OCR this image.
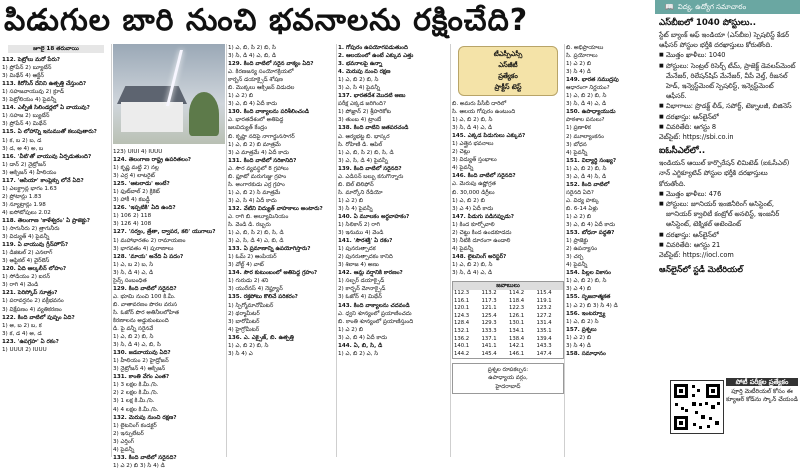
పిడుగుల బారి నుంచి భవనాలను రక్షించేది?
జూలై 18 తరువాయి

112. పెట్రోలు మరో పేరు?

1) ప్రోపేన్ 2) బ్యూటేన్

3) మిథేన్ 4) ఆక్టేన్

113. కిరోసిన్ దేనిని ఉత్పత్తి చేస్తుంది?

1) సహజవాయువు 2) క్రూడ్

3) పెట్రోలియం 4) పైవన్నీ

114. ఎల్పీజీ సిలిండర్లలో ఏ వాయువు?

1) సహజ 2) బ్యుటేన్

3) ప్రోపేన్ 4) మిథేన్

115. ఏ లోహాన్ని ఇనుముతో కలుపుతారు?

1) క, బ 2) బ, డ

3) డ, అ 4) అ, బ

116. 'వీటి'తో వాయువు ఏర్పడుతుంది?

1) డాన్ 2) నైట్రోజన్

3) ఆక్సిజన్ 4) హీలియం

117. 'ఆసియా' కాంప్లెక్సు లోనే ఏది?

1) ఎలక్ట్రాన్ల భాగం 1.63

2) ప్రోటాన్లు 1.83

3) న్యూట్రాన్లు 1.98

4) ఐసోటోపులు 2.02

118. తెలంగాణ 'కాళేశ్వరం' ఏ ప్రాజెక్టు?

1) సాగునీరు 2) త్రాగునీరు

3) విద్యుత్ 4) పైవన్నీ

119. ఏ వాయువు గ్రీన్‌హౌస్?

1) డిజిటల్ 2) ఎనలాగ్

3) ఆప్టికల్ 4) వైర్‌లెస్

120. ఏది ఆల్కలీన్ లోహం?

1) సోడియం 2) ఐరన్

3) రాగి 4) వెండి

121. పెరిస్కోప్ సూత్రం?

1) పరావర్తనం 2) వక్రీభవనం

3) విక్షేపణం 4) వ్యతికరణం

122. కింది వాటిలో పుష్పం ఏది?

1) అ, బ 2) బ, క

3) క, డ 4) అ, డ

123. 'ఉపగ్రహ' ఏ రకం?

1) UUUI 2) IUUU

123) UIUI 4) IUUU

124. తెలంగాణ రాష్ట్ర ఉపరితలం?

1) కృష్ణ మట్టి 2) నల్ల

3) ఎర్ర 4) లాటరైట్

125. 'ఆటలాడు' అంటే?

1) ఫుట్‌బాల్ 2) క్రికెట్

3) హాకీ 4) కబడ్డీ

126. 'ఇప్పటికి' ఏది ఉంది?

1) 106 2) 118

3) 126 4) 108

127. 'సర్వం, త్రేతా, ద్వాపర, కలి' యుగాలు?

1) మహాభారతం 2) రామాయణం

3) భాగవతం 4) పురాణాలు

128. 'మాయ' అనేది ఏ పదం?

1) ఎ, బ 2) బ, సి

3) సి, డి 4) ఎ, డి

సైన్స్ సంబంధిత

129. కింది వాటిలో సరైనది?

ఎ. భూమి నుంచి 100 కి.మీ.

బి. వాతావరణం పొరల వరుస

సి. ఓజోన్ పొర అతినీలలోహిత

కిరణాలను అడ్డుకుంటుంది

డి. పై వన్నీ సరైనవే

1) ఎ, బి 2) బి, సి

3) సి, డి 4) ఎ, బి, సి

130. జడవాయువు ఏది?

1) హీలియం 2) హైడ్రోజన్

3) నైట్రోజన్ 4) ఆక్సిజన్

131. కాంతి వేగం ఎంత?

1) 3 లక్షల కి.మీ./సె.

2) 2 లక్షల కి.మీ./సె.

3) 1 లక్ష కి.మీ./సె.

4) 4 లక్షల కి.మీ./సె.

132. మెరుపు నుంచి రక్షణ?

1) లైటనింగ్ కండక్టర్

2) ఇన్సులేటర్

3) ఎర్తింగ్

4) పైవన్నీ

133. కింది వాటిలో సరైనది?

1) ఎ 2) బి 3) సి 4) డి

1) ఎ, బి, సి 2) బి, సి

3) సి, డి 4) ఎ, బి, డి

129. కింది వాటిలో సరైన వాక్యం ఏది?

ఎ. కిరణజన్య సంయోగక్రియలో

కార్బన్ డయాక్సైడ్ శోషణ

బి. మొక్కలు ఆక్సిజన్ విడుదల

1) ఎ 2) బి

3) ఎ, బి 4) ఏదీ కాదు

130. కింది వాక్యాలను పరిశీలించండి

ఎ. భారతదేశంలో అతిపెద్ద

జలవిద్యుత్ కేంద్రం

బి. కృష్ణా నదిపై నాగార్జునసాగర్

1) ఎ, బి 2) బి మాత్రమే

3) ఎ మాత్రమే 4) ఏదీ కాదు

131. కింది వాటిలో సరికానిది?

ఎ. సౌర వ్యవస్థలో 8 గ్రహాలు

బి. ప్లూటో మరుగుజ్జు గ్రహం

సి. అంగారకుడు ఎర్ర గ్రహం

1) ఎ, బి 2) సి మాత్రమే

3) ఎ, సి 4) ఏదీ కాదు

132. వేటిని విద్యుత్ వాహకాలు అంటారు?

ఎ. రాగి బి. అల్యూమినియం

సి. వెండి డి. రబ్బరు

1) ఎ, బి, సి 2) బి, సి, డి

3) ఎ, సి, డి 4) ఎ, బి, డి

133. ఏ ప్రమాణాన్ని ఉపయోగిస్తారు?

1) ఓమ్ 2) ఆంపియర్

3) వోల్ట్ 4) వాట్

134. సౌర కుటుంబంలో అతిపెద్ద గ్రహం?

1) గురుడు 2) శని

3) యురేనస్ 4) నెప్ట్యూన్

135. రక్తపోటు కొలిచే పరికరం?

1) స్పిగ్మోమానోమీటర్

2) థర్మామీటర్

3) బారోమీటర్

4) హైగ్రోమీటర్

136. ఎ. ఎక్సైజ్, బి. ఉత్పత్తి

1) ఎ, బి 2) బి, సి

3) సి 4) ఎ

1. గోపురం ఉపయోగపడుతుంది

2. ఆలయంలో ఉంటే ఎక్కువ ఎత్తు

3. భవనాలపై ఉన్నా

4. మెరుపు నుంచి రక్షణ

1) ఎ, బి 2) బి, సి

3) ఎ, సి 4) పైవన్నీ

137. భారతదేశ మొదటి అణు

పరీక్ష ఎక్కడ జరిగింది?

1) పోఖ్రాన్ 2) శ్రీహరికోట

3) తుంబ 4) ట్రాంబే

138. కింది వాటిని జతపరచండి

ఎ. ఆర్యభట్ట బి. భాస్కర

సి. రోహిణి డి. ఆపిల్

1) ఎ, బి, సి 2) బి, సి, డి

3) ఎ, సి, డి 4) పైవన్నీ

139. కింది వాటిలో సరైనది?

ఎ. ఎడిసన్ బల్బు కనుగొన్నారు

బి. బెల్ టెలిఫోన్

సి. మార్కోని రేడియో

1) ఎ 2) బి

3) సి 4) పైవన్నీ

140. ఏ మూలకం అర్ధవాహకం?

1) సిలికాన్ 2) రాగి

3) ఇనుము 4) వెండి

141. 'సౌరశక్తి' ఏ రకం?

1) పునరుత్పాదక

2) పునరుత్పాదకం కానిది

3) శిలాజ 4) అణు

142. ఆమ్ల వర్షానికి కారణం?

1) సల్ఫర్ డయాక్సైడ్

2) కార్బన్ మోనాక్సైడ్

3) ఓజోన్ 4) మిథేన్

143. కింది వాక్యాలను చదవండి

ఎ. ధ్వని శూన్యంలో ప్రయాణించదు

బి. కాంతి శూన్యంలో ప్రయాణిస్తుంది

1) ఎ 2) బి

3) ఎ, బి 4) ఏదీ కాదు

144. ఏ, బి, సి, డి

1) ఎ, బి 2) ఎ, సి

టీఎస్పీఎస్సీ
ఎస్‌జీటీ
ప్రత్యేకం
ప్రాక్టీస్ టెస్ట్

బి. అమరు పీసీబీ దారిలో

సి. ఆలయ గోపురం ఉంటుంది

1) ఎ, బి 2) బి, సి

3) సి, డి 4) ఎ, డి

145. ఎక్కడ పిడుగులు ఎక్కువ?

1) ఎత్తైన భవనాలు

2) చెట్లు

3) విద్యుత్ స్తంభాలు

4) పైవన్నీ

146. కింది వాటిలో సరైనది?

ఎ. మెరుపు ఉష్ణోగ్రత

బి. 30,000 డిగ్రీలు

1) ఎ, బి 2) బి

3) ఎ 4) ఏదీ కాదు

147. పిడుగు పడినప్పుడు?

1) కింద కూర్చోవాలి

2) చెట్టు కింద ఉండకూడదు

3) నీటికి దూరంగా ఉండాలి

4) పైవన్నీ

148. లైటనింగ్ అరెస్టర్?

1) ఎ, బి 2) బి, సి

3) సి, డి 4) ఎ, డి

జవాబులు
112.3	113.2	114.2	115.4
116.1	117.3	118.4	119.1
120.1	121.1	122.3	123.2
124.3	125.4	126.1	127.2
128.4	129.3	130.1	131.4
132.1	133.3	134.1	135.1
136.2	137.1	138.4	139.4
140.1	141.1	142.1	143.3
144.2	145.4	146.1	147.4
ప్రశ్నల రూపకల్పన:
ఉపాధ్యాయ వర్గం,
హైదరాబాద్

బి. అభిప్రాయాలు

సి. ప్రయోగాలు

1) ఎ 2) బి

3) సి 4) డి

149. భారత సముద్రపు

ఆధారంగా నిర్ణయం?

1) ఎ, బి 2) బి, సి

3) సి, డి 4) ఎ, డి

150. ఉపాధ్యాయుడు

పాఠశాల పనులు?

1) ప్రణాళిక

2) మూల్యాంకనం

3) బోధన

4) పైవన్నీ

151. విద్యార్థి సంఖ్య?

1) ఎ, బి 2) బి, సి

3) ఎ, డి 4) సి, డి

152. కింది వాటిలో

సరైనది ఏది?

ఎ. విద్య హక్కు

బి. 6-14 ఏళ్లు

1) ఎ 2) బి

3) ఎ, బి 4) ఏదీ కాదు

153. బోధనా పద్ధతి?

1) ప్రాజెక్టు

2) ఉపన్యాసం

3) చర్చ

4) పైవన్నీ

154. పిల్లల వికాసం

1) ఎ, బి 2) బి, సి

3) ఎ 4) బి

155. సృజనాత్మకత

1) ఎ 2) బి 3) సి 4) డి

156. ఇంటర్వ్యూ

1) ఎ, బి 2) సి

157. ప్రశ్నలు

1) ఎ 2) బి

3) సి 4) డి

158. సమాధానం

📖 విద్య, ఉద్యోగ సమాచారం
ఎస్‌బీఐలో 1040 పోస్టులు..
స్టేట్ బ్యాంక్ ఆఫ్ ఇండియా (ఎస్‌బీఐ) స్పెషలిస్ట్ కేడర్ ఆఫీసర్ పోస్టుల భర్తీకి దరఖాస్తులు కోరుతోంది.
■ మొత్తం ఖాళీలు: 1040
■ పోస్టులు: సెంట్రల్ రిసెర్చ్ టీమ్, ప్రాజెక్ట్ డెవలప్‌మెంట్ మేనేజర్, రిలేషన్‌షిప్ మేనేజర్, వీపీ వెల్త్, రీజనల్ హెడ్, ఇన్వెస్ట్‌మెంట్ స్పెషలిస్ట్, ఇన్వెస్ట్‌మెంట్ ఆఫీసర్.
■ విభాగాలు: ప్రొడక్ట్ లీడ్, సపోర్ట్, టెక్నాలజీ, బిజినెస్
■ దరఖాస్తు: ఆన్‌లైన్‌లో
■ చివరితేది: ఆగస్టు 8
వెబ్‌సైట్: https://sbi.co.in
ఐఓసీఎల్‌లో..
ఇండియన్ ఆయిల్ కార్పొరేషన్ లిమిటెడ్ (ఐఓసీఎల్) నాన్ ఎగ్జిక్యూటివ్ పోస్టుల భర్తీకి దరఖాస్తులు కోరుతోంది.
■ మొత్తం ఖాళీలు: 476
■ పోస్టులు: జూనియర్ ఇంజినీరింగ్ అసిస్టెంట్, జూనియర్ క్వాలిటీ కంట్రోల్ అనలిస్ట్, ఇంజనీర్ అసిస్టెంట్, టెక్నికల్ అటెండెంట్
■ దరఖాస్తు: ఆన్‌లైన్‌లో
■ చివరితేది: ఆగస్టు 21
వెబ్‌సైట్: https://iocl.com
ఆన్‌లైన్‌లో స్టడీ మెటీరియల్
పోటీ పరీక్షల ప్రత్యేకం
పూర్తి మెటీరియల్ కోసం ఈ క్యూఆర్ కోడ్‌ను స్కాన్ చేయండి
